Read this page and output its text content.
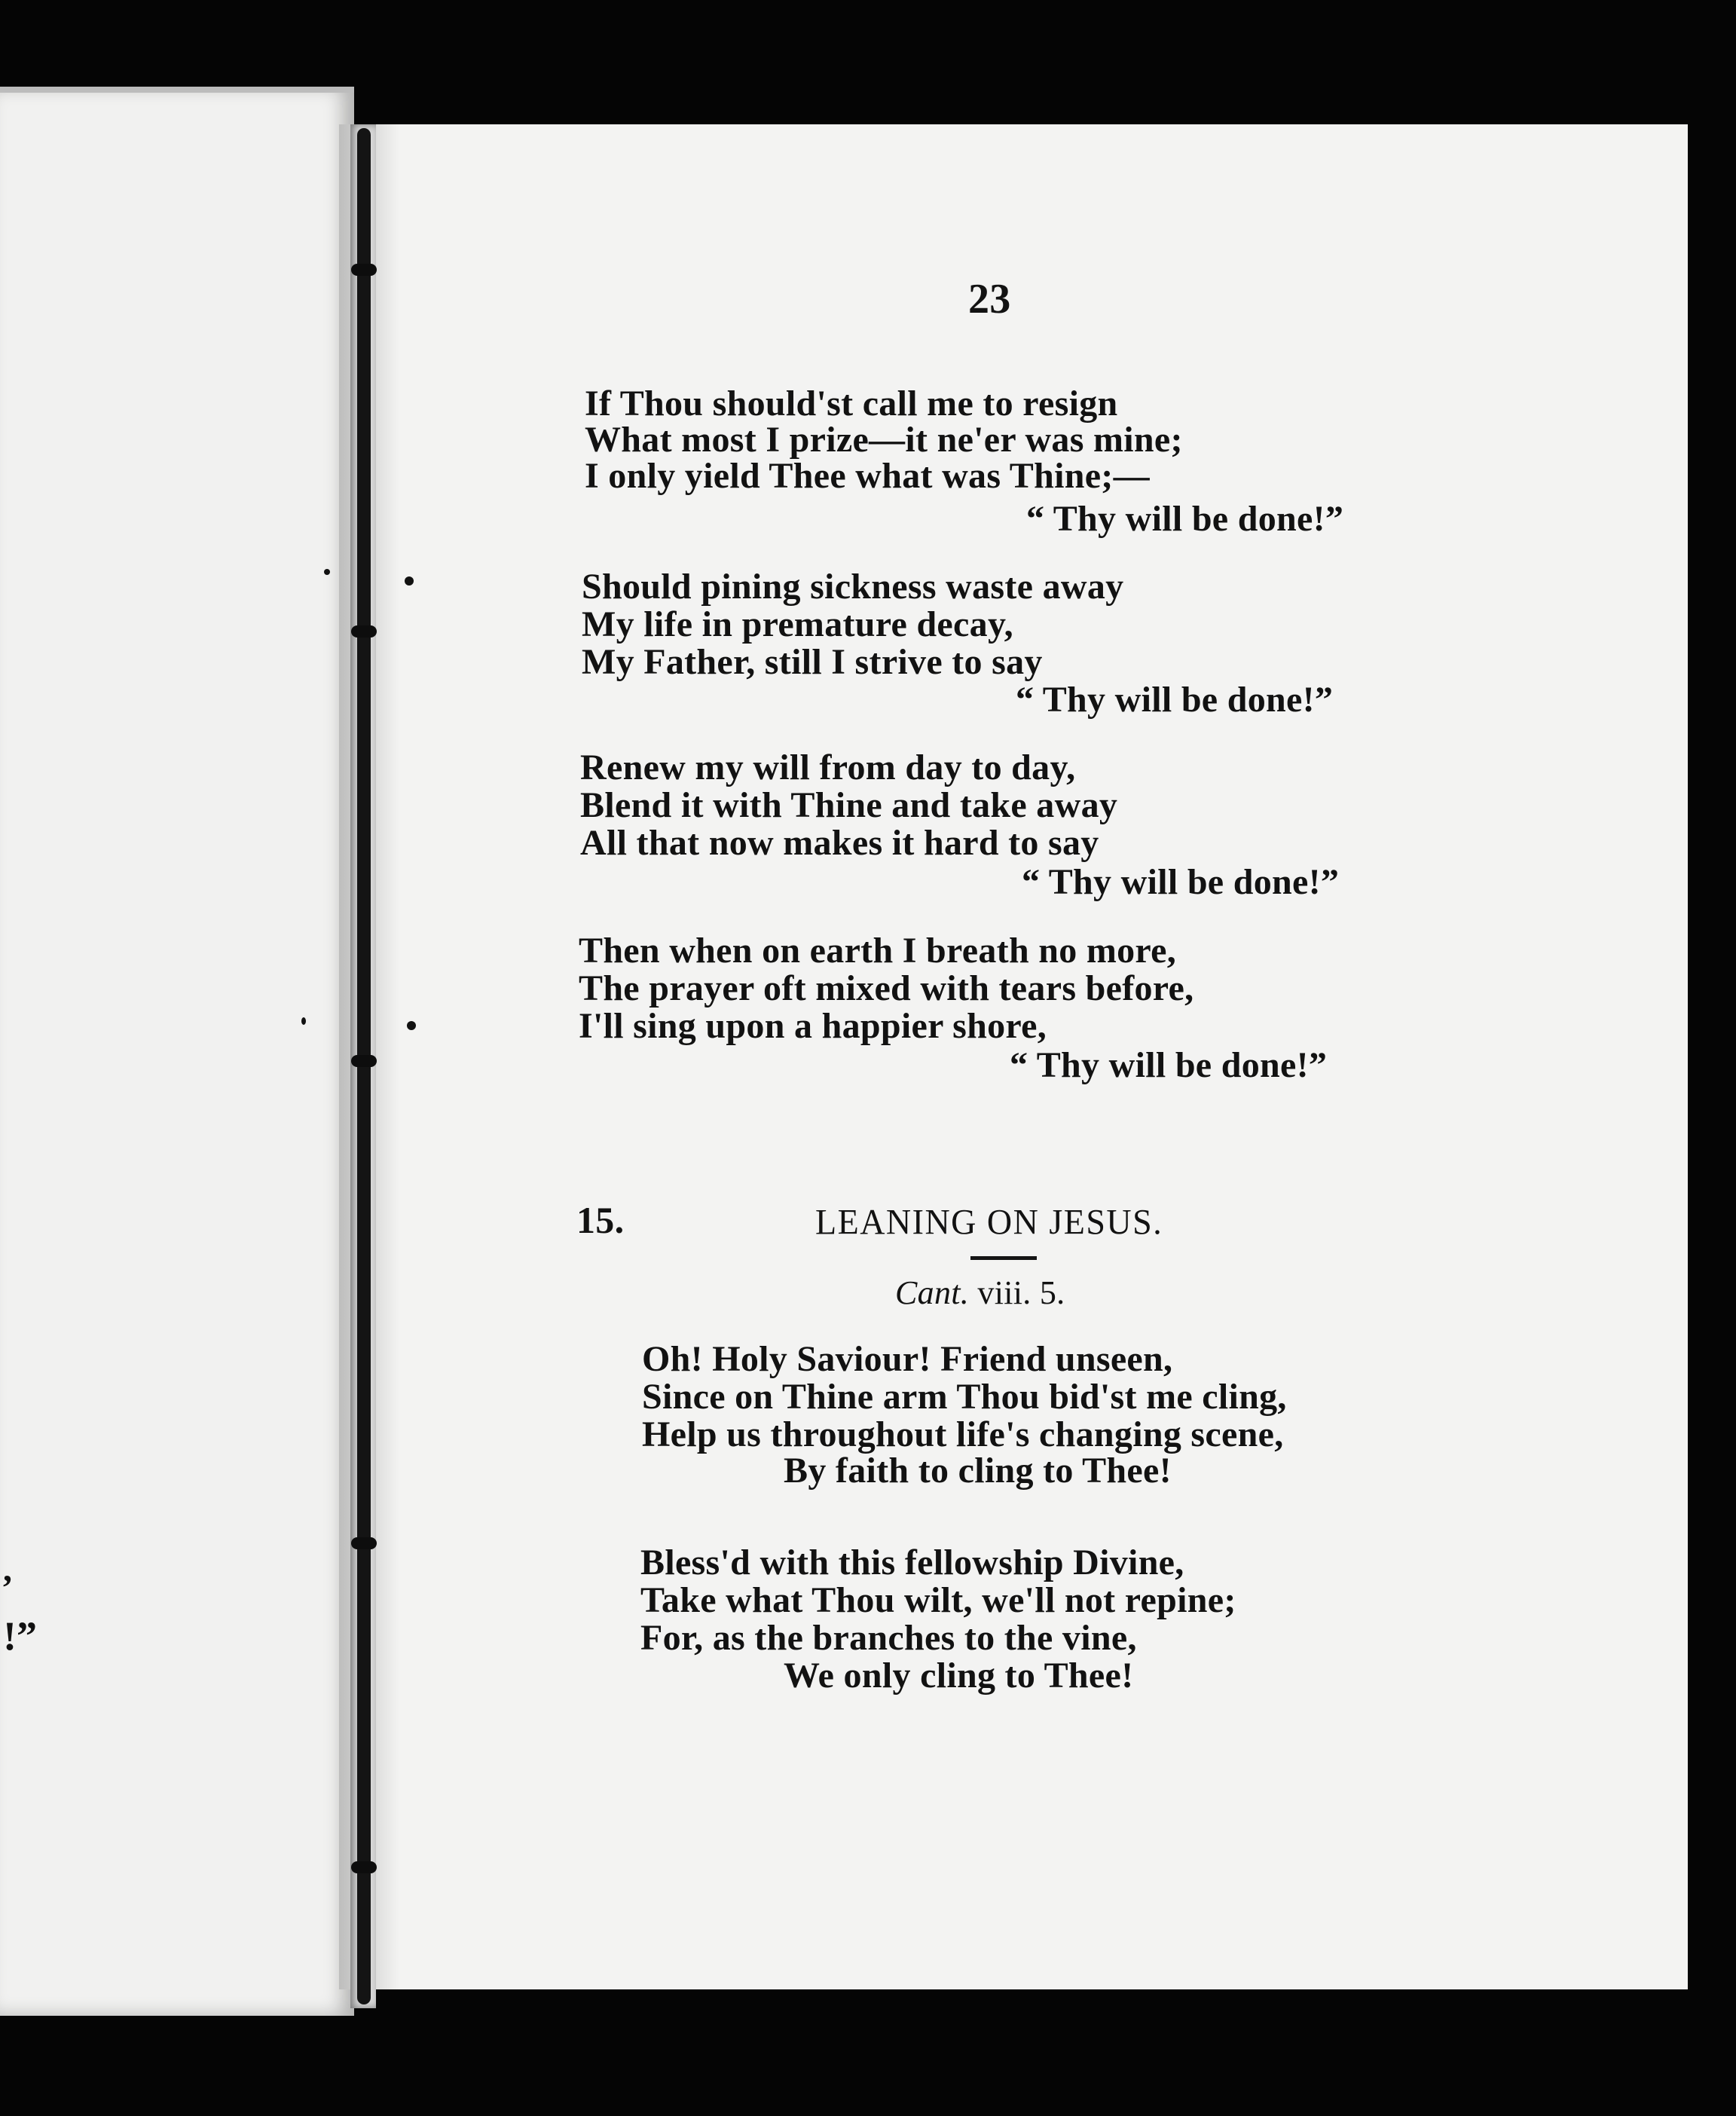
,
!”
23
If Thou should'st call me to resign
What most I prize—it ne'er was mine;
I only yield Thee what was Thine;—
“ Thy will be done!”
Should pining sickness waste away
My life in premature decay,
My Father, still I strive to say
“ Thy will be done!”
Renew my will from day to day,
Blend it with Thine and take away
All that now makes it hard to say
“ Thy will be done!”
Then when on earth I breath no more,
The prayer oft mixed with tears before,
I'll sing upon a happier shore,
“ Thy will be done!”
15.	LEANING ON JESUS.
Cant. viii. 5.
Oh! Holy Saviour! Friend unseen,
Since on Thine arm Thou bid'st me cling,
Help us throughout life's changing scene,
By faith to cling to Thee!
Bless'd with this fellowship Divine,
Take what Thou wilt, we'll not repine;
For, as the branches to the vine,
We only cling to Thee!
